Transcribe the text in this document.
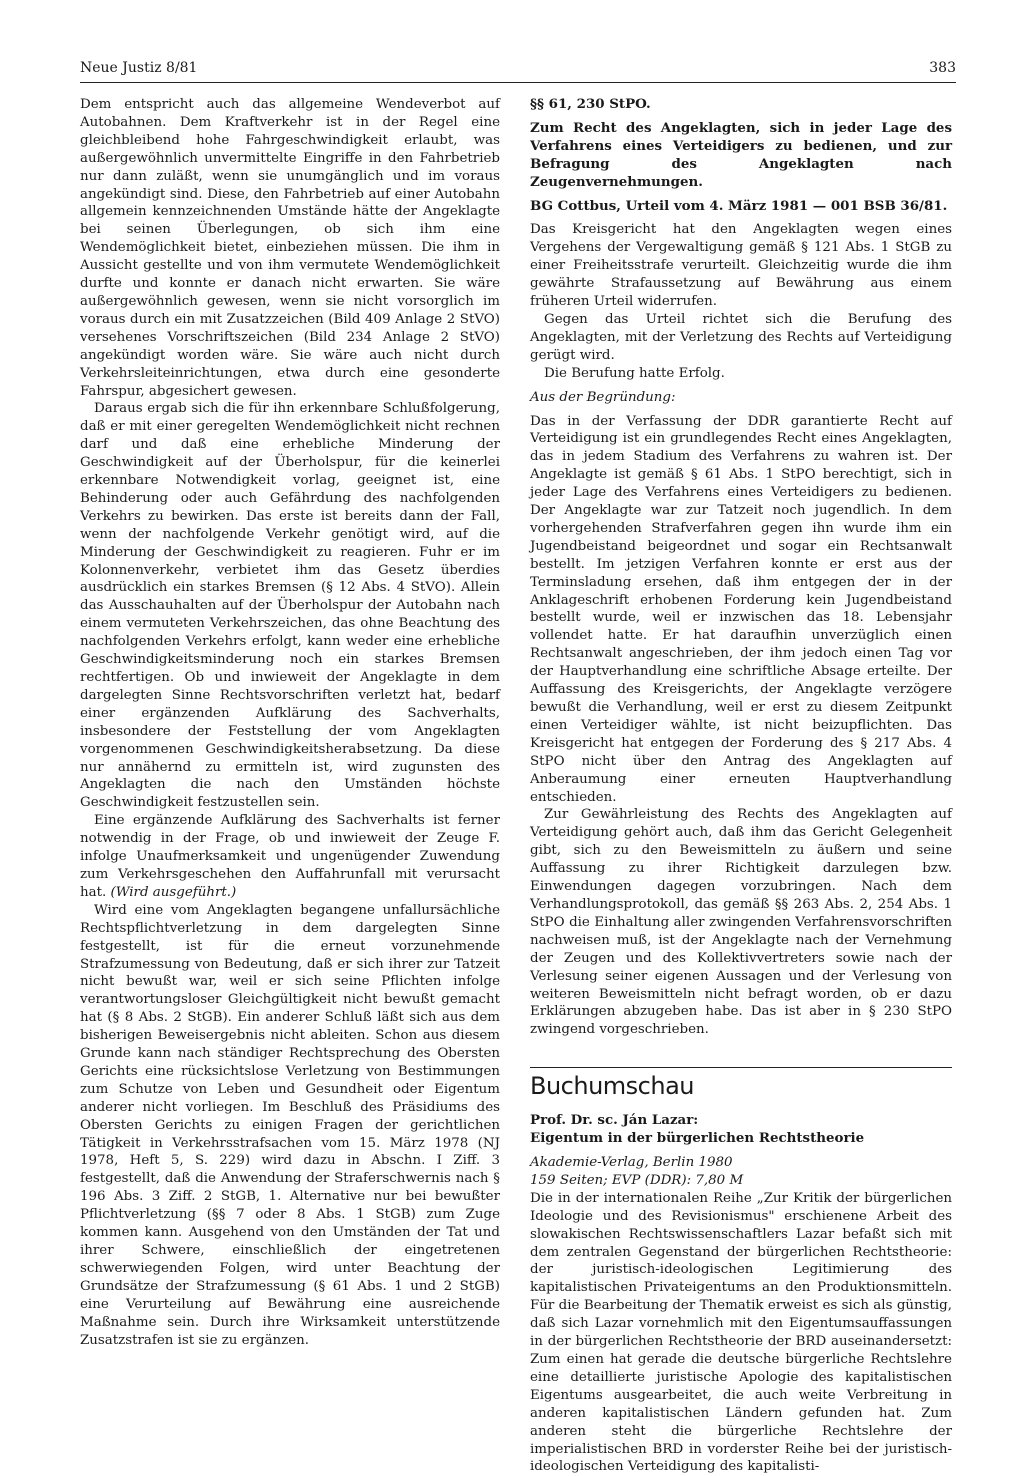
Neue Justiz 8/81	383

Dem entspricht auch das allgemeine Wendeverbot auf Autobahnen. Dem Kraftverkehr ist in der Regel eine gleichbleibend hohe Fahrgeschwindigkeit erlaubt, was außergewöhnlich unvermittelte Eingriffe in den Fahrbetrieb nur dann zuläßt, wenn sie unumgänglich und im voraus angekündigt sind. Diese, den Fahrbetrieb auf einer Autobahn allgemein kennzeichnenden Umstände hätte der Angeklagte bei seinen Überlegungen, ob sich ihm eine Wendemöglichkeit bietet, einbeziehen müssen. Die ihm in Aussicht gestellte und von ihm vermutete Wendemöglichkeit durfte und konnte er danach nicht erwarten. Sie wäre außergewöhnlich gewesen, wenn sie nicht vorsorglich im voraus durch ein mit Zusatzzeichen (Bild 409 Anlage 2 StVO) versehenes Vorschriftszeichen (Bild 234 Anlage 2 StVO) angekündigt worden wäre. Sie wäre auch nicht durch Verkehrsleiteinrichtungen, etwa durch eine gesonderte Fahrspur, abgesichert gewesen.

Daraus ergab sich die für ihn erkennbare Schlußfolgerung, daß er mit einer geregelten Wendemöglichkeit nicht rechnen darf und daß eine erhebliche Minderung der Geschwindigkeit auf der Überholspur, für die keinerlei erkennbare Notwendigkeit vorlag, geeignet ist, eine Behinderung oder auch Gefährdung des nachfolgenden Verkehrs zu bewirken. Das erste ist bereits dann der Fall, wenn der nachfolgende Verkehr genötigt wird, auf die Minderung der Geschwindigkeit zu reagieren. Fuhr er im Kolonnenverkehr, verbietet ihm das Gesetz überdies ausdrücklich ein starkes Bremsen (§ 12 Abs. 4 StVO). Allein das Ausschauhalten auf der Überholspur der Autobahn nach einem vermuteten Verkehrszeichen, das ohne Beachtung des nachfolgenden Verkehrs erfolgt, kann weder eine erhebliche Geschwindigkeitsminderung noch ein starkes Bremsen rechtfertigen. Ob und inwieweit der Angeklagte in dem dargelegten Sinne Rechtsvorschriften verletzt hat, bedarf einer ergänzenden Aufklärung des Sachverhalts, insbesondere der Feststellung der vom Angeklagten vorgenommenen Geschwindigkeitsherabsetzung. Da diese nur annähernd zu ermitteln ist, wird zugunsten des Angeklagten die nach den Umständen höchste Geschwindigkeit festzustellen sein.

Eine ergänzende Aufklärung des Sachverhalts ist ferner notwendig in der Frage, ob und inwieweit der Zeuge F. infolge Unaufmerksamkeit und ungenügender Zuwendung zum Verkehrsgeschehen den Auffahrunfall mit verursacht hat. (Wird ausgeführt.)

Wird eine vom Angeklagten begangene unfallursächliche Rechtspflichtverletzung in dem dargelegten Sinne festgestellt, ist für die erneut vorzunehmende Strafzumessung von Bedeutung, daß er sich ihrer zur Tatzeit nicht bewußt war, weil er sich seine Pflichten infolge verantwortungsloser Gleichgültigkeit nicht bewußt gemacht hat (§ 8 Abs. 2 StGB). Ein anderer Schluß läßt sich aus dem bisherigen Beweisergebnis nicht ableiten. Schon aus diesem Grunde kann nach ständiger Rechtsprechung des Obersten Gerichts eine rücksichtslose Verletzung von Bestimmungen zum Schutze von Leben und Gesundheit oder Eigentum anderer nicht vorliegen. Im Beschluß des Präsidiums des Obersten Gerichts zu einigen Fragen der gerichtlichen Tätigkeit in Verkehrsstrafsachen vom 15. März 1978 (NJ 1978, Heft 5, S. 229) wird dazu in Abschn. I Ziff. 3 festgestellt, daß die Anwendung der Straferschwernis nach § 196 Abs. 3 Ziff. 2 StGB, 1. Alternative nur bei bewußter Pflichtverletzung (§§ 7 oder 8 Abs. 1 StGB) zum Zuge kommen kann. Ausgehend von den Umständen der Tat und ihrer Schwere, einschließlich der eingetretenen schwerwiegenden Folgen, wird unter Beachtung der Grundsätze der Strafzumessung (§ 61 Abs. 1 und 2 StGB) eine Verurteilung auf Bewährung eine ausreichende Maßnahme sein. Durch ihre Wirksamkeit unterstützende Zusatzstrafen ist sie zu ergänzen.

§§ 61, 230 StPO.

Zum Recht des Angeklagten, sich in jeder Lage des Verfahrens eines Verteidigers zu bedienen, und zur Befragung des Angeklagten nach Zeugenvernehmungen.

BG Cottbus, Urteil vom 4. März 1981 — 001 BSB 36/81.

Das Kreisgericht hat den Angeklagten wegen eines Vergehens der Vergewaltigung gemäß § 121 Abs. 1 StGB zu einer Freiheitsstrafe verurteilt. Gleichzeitig wurde die ihm gewährte Strafaussetzung auf Bewährung aus einem früheren Urteil widerrufen.

Gegen das Urteil richtet sich die Berufung des Angeklagten, mit der Verletzung des Rechts auf Verteidigung gerügt wird.

Die Berufung hatte Erfolg.

Aus der Begründung:

Das in der Verfassung der DDR garantierte Recht auf Verteidigung ist ein grundlegendes Recht eines Angeklagten, das in jedem Stadium des Verfahrens zu wahren ist. Der Angeklagte ist gemäß § 61 Abs. 1 StPO berechtigt, sich in jeder Lage des Verfahrens eines Verteidigers zu bedienen. Der Angeklagte war zur Tatzeit noch jugendlich. In dem vorhergehenden Strafverfahren gegen ihn wurde ihm ein Jugendbeistand beigeordnet und sogar ein Rechtsanwalt bestellt. Im jetzigen Verfahren konnte er erst aus der Terminsladung ersehen, daß ihm entgegen der in der Anklageschrift erhobenen Forderung kein Jugendbeistand bestellt wurde, weil er inzwischen das 18. Lebensjahr vollendet hatte. Er hat daraufhin unverzüglich einen Rechtsanwalt angeschrieben, der ihm jedoch einen Tag vor der Hauptverhandlung eine schriftliche Absage erteilte. Der Auffassung des Kreisgerichts, der Angeklagte verzögere bewußt die Verhandlung, weil er erst zu diesem Zeitpunkt einen Verteidiger wählte, ist nicht beizupflichten. Das Kreisgericht hat entgegen der Forderung des § 217 Abs. 4 StPO nicht über den Antrag des Angeklagten auf Anberaumung einer erneuten Hauptverhandlung entschieden.

Zur Gewährleistung des Rechts des Angeklagten auf Verteidigung gehört auch, daß ihm das Gericht Gelegenheit gibt, sich zu den Beweismitteln zu äußern und seine Auffassung zu ihrer Richtigkeit darzulegen bzw. Einwendungen dagegen vorzubringen. Nach dem Verhandlungsprotokoll, das gemäß §§ 263 Abs. 2, 254 Abs. 1 StPO die Einhaltung aller zwingenden Verfahrensvorschriften nachweisen muß, ist der Angeklagte nach der Vernehmung der Zeugen und des Kollektivvertreters sowie nach der Verlesung seiner eigenen Aussagen und der Verlesung von weiteren Beweismitteln nicht befragt worden, ob er dazu Erklärungen abzugeben habe. Das ist aber in § 230 StPO zwingend vorgeschrieben.

Buchumschau

Prof. Dr. sc. Ján Lazar:

Eigentum in der bürgerlichen Rechtstheorie

Akademie-Verlag, Berlin 1980

159 Seiten; EVP (DDR): 7,80 M

Die in der internationalen Reihe „Zur Kritik der bürgerlichen Ideologie und des Revisionismus" erschienene Arbeit des slowakischen Rechtswissenschaftlers Lazar befaßt sich mit dem zentralen Gegenstand der bürgerlichen Rechtstheorie: der juristisch-ideologischen Legitimierung des kapitalistischen Privateigentums an den Produktionsmitteln. Für die Bearbeitung der Thematik erweist es sich als günstig, daß sich Lazar vornehmlich mit den Eigentumsauffassungen in der bürgerlichen Rechtstheorie der BRD auseinandersetzt: Zum einen hat gerade die deutsche bürgerliche Rechtslehre eine detaillierte juristische Apologie des kapitalistischen Eigentums ausgearbeitet, die auch weite Verbreitung in anderen kapitalistischen Ländern gefunden hat. Zum anderen steht die bürgerliche Rechtslehre der imperialistischen BRD in vorderster Reihe bei der juristisch-ideologischen Verteidigung des kapitalisti-
